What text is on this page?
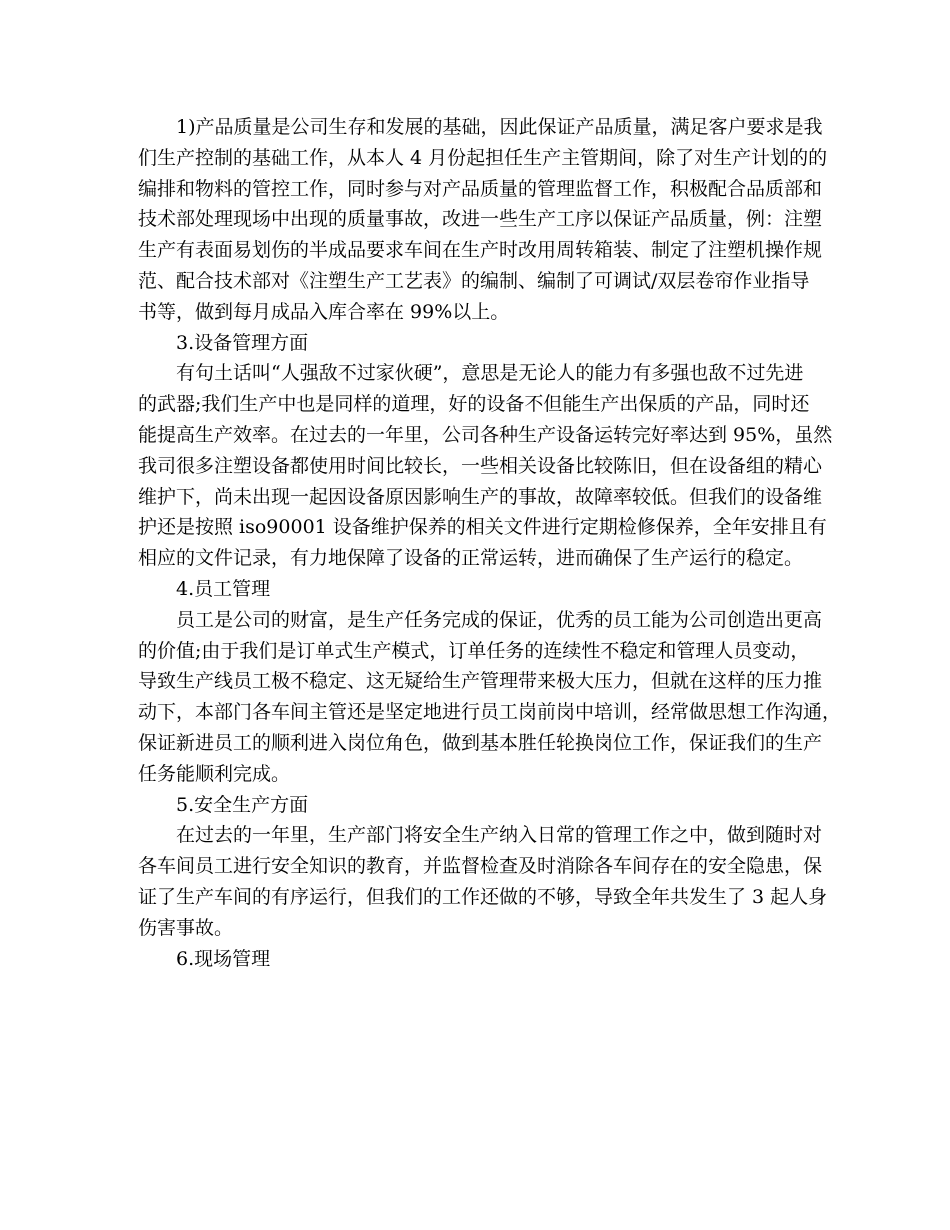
1)产品质量是公司生存和发展的基础，因此保证产品质量，满足客户要求是我
们生产控制的基础工作，从本人 4 月份起担任生产主管期间，除了对生产计划的的
编排和物料的管控工作，同时参与对产品质量的管理监督工作，积极配合品质部和
技术部处理现场中出现的质量事故，改进一些生产工序以保证产品质量，例：注塑
生产有表面易划伤的半成品要求车间在生产时改用周转箱装、制定了注塑机操作规
范、配合技术部对《注塑生产工艺表》的编制、编制了可调试/双层卷帘作业指导
书等，做到每月成品入库合率在 99%以上。
3.设备管理方面
有句土话叫“人强敌不过家伙硬”，意思是无论人的能力有多强也敌不过先进
的武器;我们生产中也是同样的道理，好的设备不但能生产出保质的产品，同时还
能提高生产效率。在过去的一年里，公司各种生产设备运转完好率达到 95%，虽然
我司很多注塑设备都使用时间比较长，一些相关设备比较陈旧，但在设备组的精心
维护下，尚未出现一起因设备原因影响生产的事故，故障率较低。但我们的设备维
护还是按照 iso90001 设备维护保养的相关文件进行定期检修保养，全年安排且有
相应的文件记录，有力地保障了设备的正常运转，进而确保了生产运行的稳定。
4.员工管理
员工是公司的财富，是生产任务完成的保证，优秀的员工能为公司创造出更高
的价值;由于我们是订单式生产模式，订单任务的连续性不稳定和管理人员变动，
导致生产线员工极不稳定、这无疑给生产管理带来极大压力，但就在这样的压力推
动下，本部门各车间主管还是坚定地进行员工岗前岗中培训，经常做思想工作沟通，
保证新进员工的顺利进入岗位角色，做到基本胜任轮换岗位工作，保证我们的生产
任务能顺利完成。
5.安全生产方面
在过去的一年里，生产部门将安全生产纳入日常的管理工作之中，做到随时对
各车间员工进行安全知识的教育，并监督检查及时消除各车间存在的安全隐患，保
证了生产车间的有序运行，但我们的工作还做的不够，导致全年共发生了 3 起人身
伤害事故。
6.现场管理
